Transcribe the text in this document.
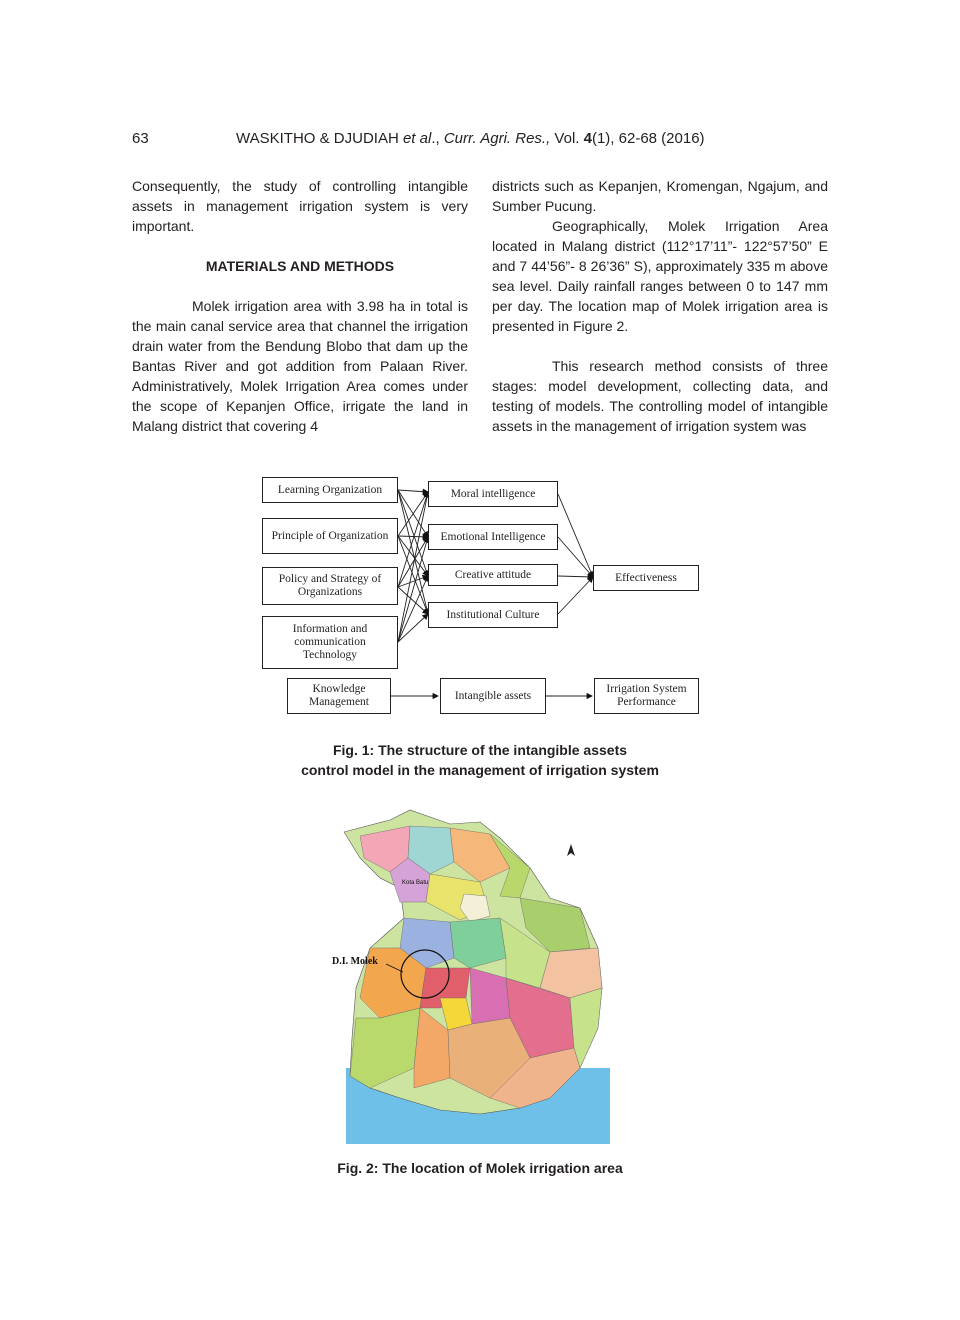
63	WASKITHO & DJUDIAH et al., Curr. Agri. Res., Vol. 4(1), 62-68 (2016)

Consequently, the study of controlling intangible assets in management irrigation system is very important.

MATERIALS AND METHODS

Molek irrigation area with 3.98 ha in total is the main canal service area that channel the irrigation drain water from the Bendung Blobo that dam up the Bantas River and got addition from Palaan River. Administratively, Molek Irrigation Area comes under the scope of Kepanjen Office, irrigate the land in Malang district that covering 4

districts such as Kepanjen, Kromengan, Ngajum, and Sumber Pucung.

Geographically, Molek Irrigation Area located in Malang district (112°17’11”- 122°57’50” E and 7 44’56”- 8 26’36” S), approximately 335 m above sea level. Daily rainfall ranges between 0 to 147 mm per day. The location map of Molek irrigation area is presented in Figure 2.

This research method consists of three stages: model development, collecting data, and testing of models. The controlling model of intangible assets in the management of irrigation system was

Learning Organization
Principle of Organization
Policy and Strategy of Organizations
Information and communication Technology
Moral intelligence
Emotional Intelligence
Creative attitude
Institutional Culture
Effectiveness
Knowledge Management
Intangible assets
Irrigation System Performance
Fig. 1: The structure of the intangible assets
control model in the management of irrigation system
D.I. Molek
Kota Batu
Fig. 2: The location of Molek irrigation area
